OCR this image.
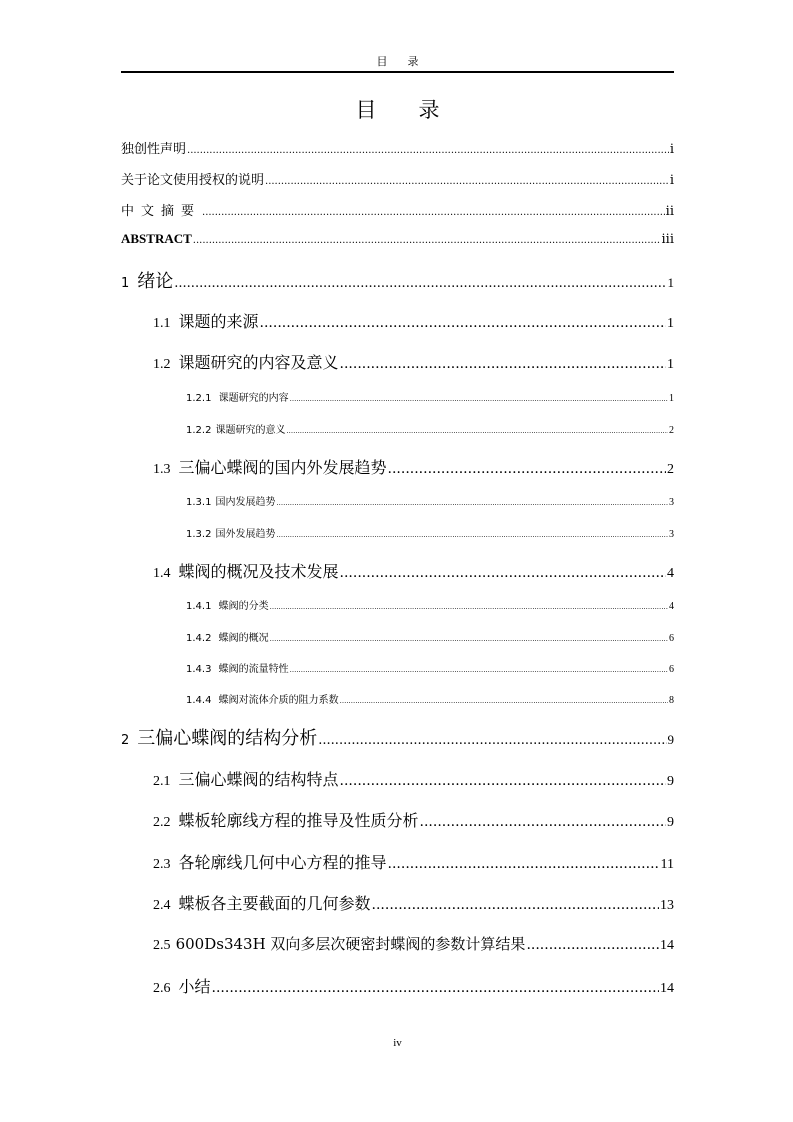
目录
目录
独创性声明 .....	i
关于论文使用授权的说明 .....	i
中文摘要 .....	ii
ABSTRACT .....	iii
1 绪论 .....	1
1.1 课题的来源 .....	1
1.2 课题研究的内容及意义 .....	1
1.2.1 课题研究的内容 .....	1
1.2.2 课题研究的意义 .....	2
1.3 三偏心蝶阀的国内外发展趋势 .....	2
1.3.1 国内发展趋势 .....	3
1.3.2 国外发展趋势 .....	3
1.4 蝶阀的概况及技术发展 .....	4
1.4.1 蝶阀的分类 .....	4
1.4.2 蝶阀的概况 .....	6
1.4.3 蝶阀的流量特性 .....	6
1.4.4 蝶阀对流体介质的阻力系数 .....	8
2 三偏心蝶阀的结构分析 .....	9
2.1 三偏心蝶阀的结构特点 .....	9
2.2 蝶板轮廓线方程的推导及性质分析 .....	9
2.3 各轮廓线几何中心方程的推导 .....	11
2.4 蝶板各主要截面的几何参数 .....	13
2.5 600Ds343H 双向多层次硬密封蝶阀的参数计算结果 .....	14
2.6 小结 .....	14
iv
